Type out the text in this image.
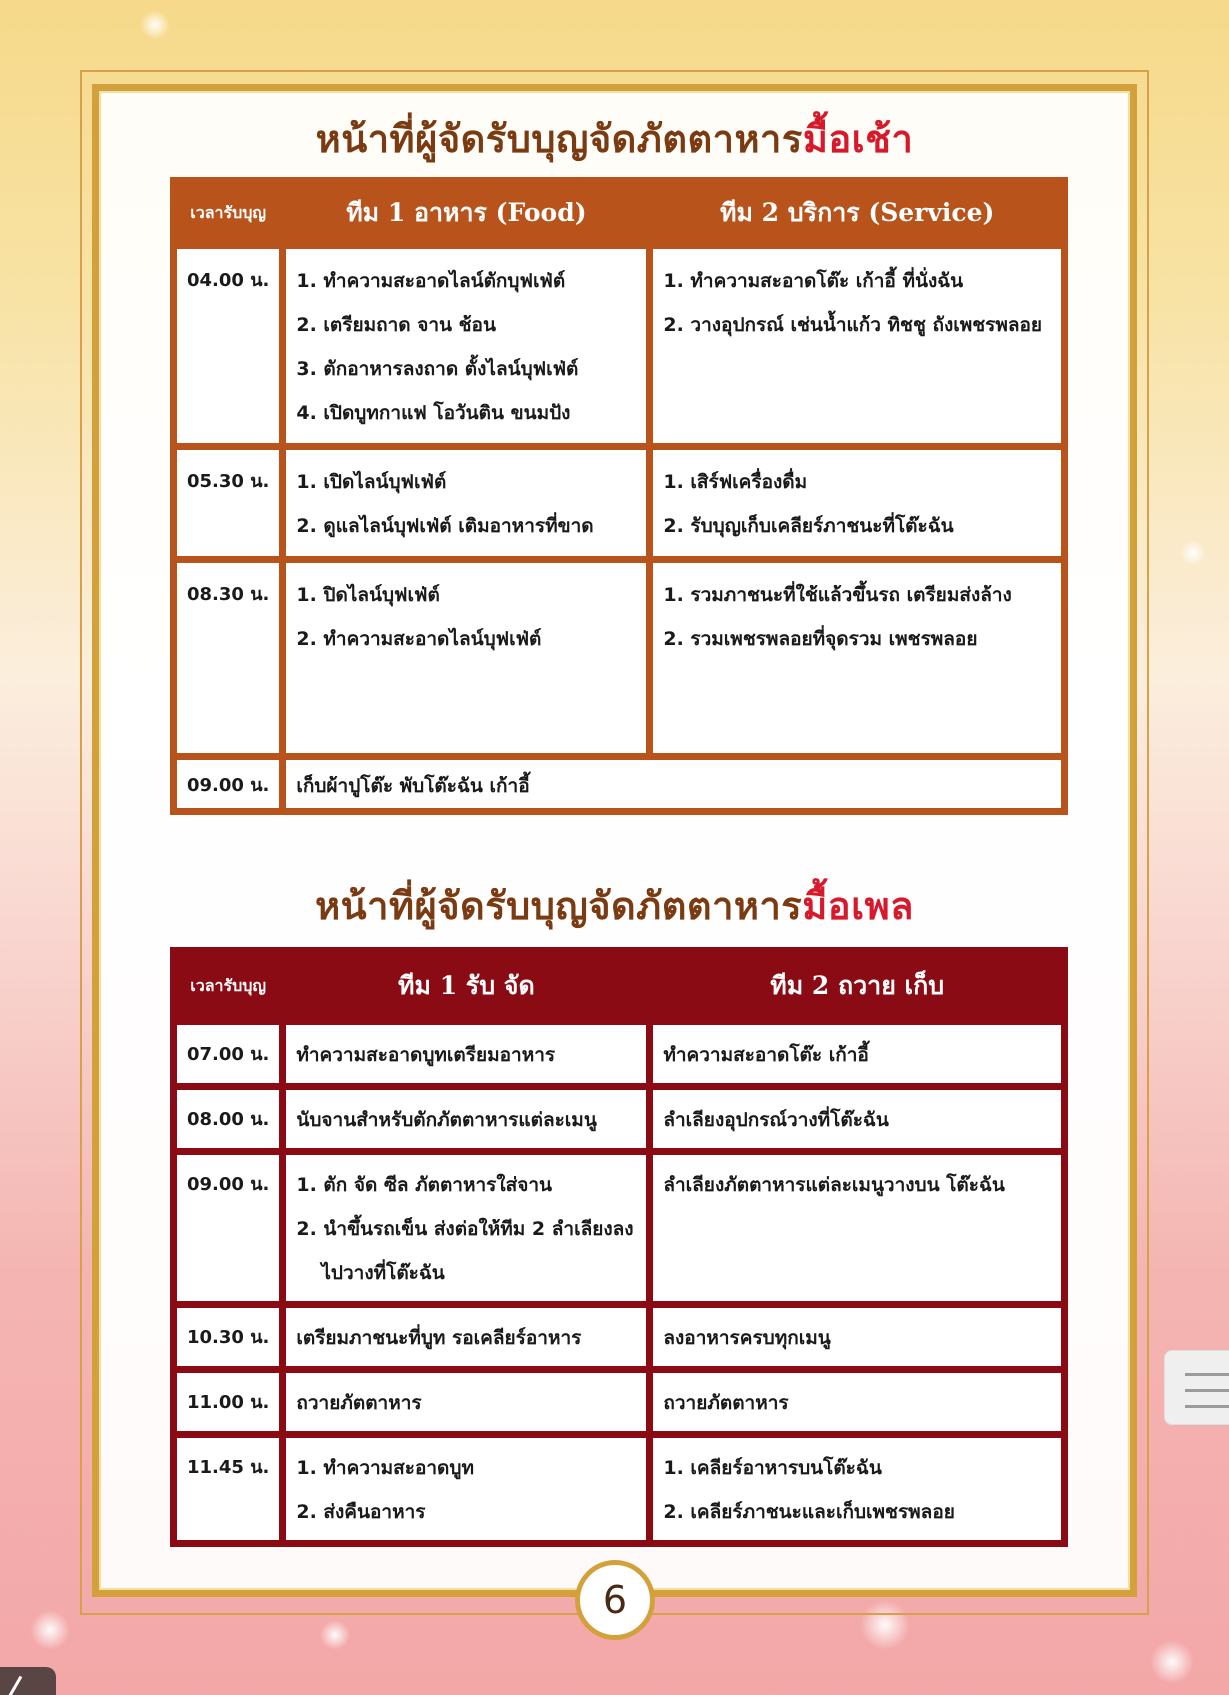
หน้าที่ผู้จัดรับบุญจัดภัตตาหารมื้อเช้า
เวลารับบุญ	ทีม 1 อาหาร (Food)	ทีม 2 บริการ (Service)
04.00 น.	1. ทำความสะอาดไลน์ตักบุฟเฟ่ต์
2. เตรียมถาด จาน ช้อน
3. ตักอาหารลงถาด ตั้งไลน์บุฟเฟ่ต์
4. เปิดบูทกาแฟ โอวันติน ขนมปัง	1. ทำความสะอาดโต๊ะ เก้าอี้ ที่นั่งฉัน
2. วางอุปกรณ์ เช่นน้ำแก้ว ทิชชู ถังเพชรพลอย

05.30 น.	1. เปิดไลน์บุฟเฟ่ต์
2. ดูแลไลน์บุฟเฟ่ต์ เติมอาหารที่ขาด	1. เสิร์ฟเครื่องดื่ม
2. รับบุญเก็บเคลียร์ภาชนะที่โต๊ะฉัน

08.30 น.	1. ปิดไลน์บุฟเฟ่ต์
2. ทำความสะอาดไลน์บุฟเฟ่ต์	1. รวมภาชนะที่ใช้แล้วขึ้นรถ เตรียมส่งล้าง
2. รวมเพชรพลอยที่จุดรวม เพชรพลอย

09.00 น.	เก็บผ้าปูโต๊ะ พับโต๊ะฉัน เก้าอี้	
หน้าที่ผู้จัดรับบุญจัดภัตตาหารมื้อเพล
เวลารับบุญ	ทีม 1 รับ จัด	ทีม 2 ถวาย เก็บ
07.00 น.	ทำความสะอาดบูทเตรียมอาหาร	ทำความสะอาดโต๊ะ เก้าอี้

08.00 น.	นับจานสำหรับตักภัตตาหารแต่ละเมนู	ลำเลียงอุปกรณ์วางที่โต๊ะฉัน

09.00 น.	1. ตัก จัด ซีล ภัตตาหารใส่จาน
2. นำขึ้นรถเข็น ส่งต่อให้ทีม 2 ลำเลียงลงไปวางที่โต๊ะฉัน	ลำเลียงภัตตาหารแต่ละเมนูวางบน โต๊ะฉัน

10.30 น.	เตรียมภาชนะที่บูท รอเคลียร์อาหาร	ลงอาหารครบทุกเมนู

11.00 น.	ถวายภัตตาหาร	ถวายภัตตาหาร

11.45 น.	1. ทำความสะอาดบูท
2. ส่งคืนอาหาร	1. เคลียร์อาหารบนโต๊ะฉัน
2. เคลียร์ภาชนะและเก็บเพชรพลอย
6
